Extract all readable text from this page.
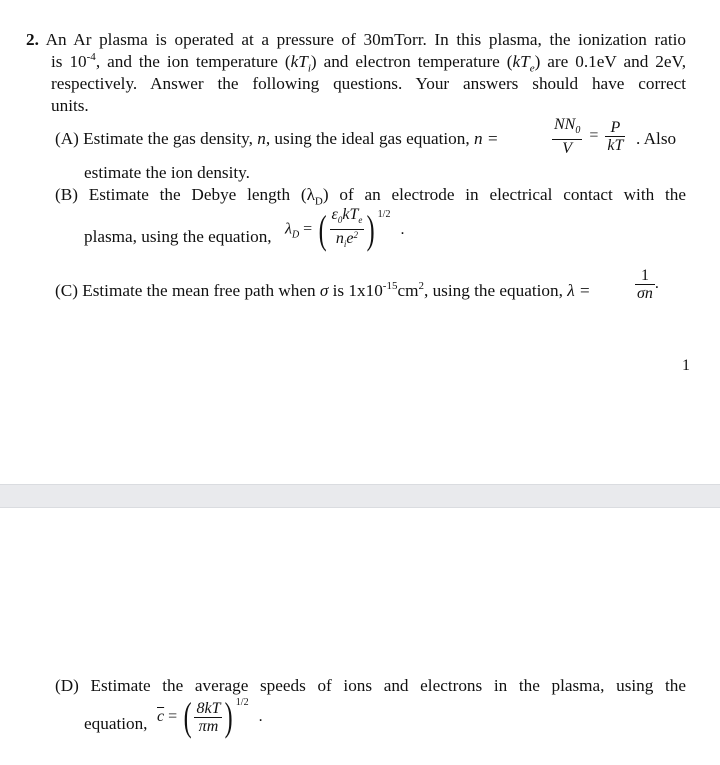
2. An Ar plasma is operated at a pressure of 30mTorr. In this plasma, the ionization ratio
is $10^{-4}$, and the ion temperature $(kT_i)$ and electron temperature $(kT_e)$ are 0.1eV and 2eV,
respectively. Answer the following questions. Your answers should have correct
units.
(A) Estimate the gas density, n, using the ideal gas equation, n =	$\frac{NN_0}{V} = \frac{P}{kT}$ . Also
estimate the ion density.
(B) Estimate the Debye length $(\lambda_D)$ of an electrode in electrical contact with the
plasma, using the equation, $\lambda_D$ = ( $\frac{\varepsilon_0kT_e}{n_ie^2}$ ) $^{1/2}$ .
(C) Estimate the mean free path when σ is $1x10^{-15}cm^2$, using the equation, λ =	$\frac{1}{\sigma n}$ .
1
(D) Estimate the average speeds of ions and electrons in the plasma, using the
equation, $\overline{c}$ = ( $\frac{8kT}{\pi m}$ ) $^{1/2}$ .
